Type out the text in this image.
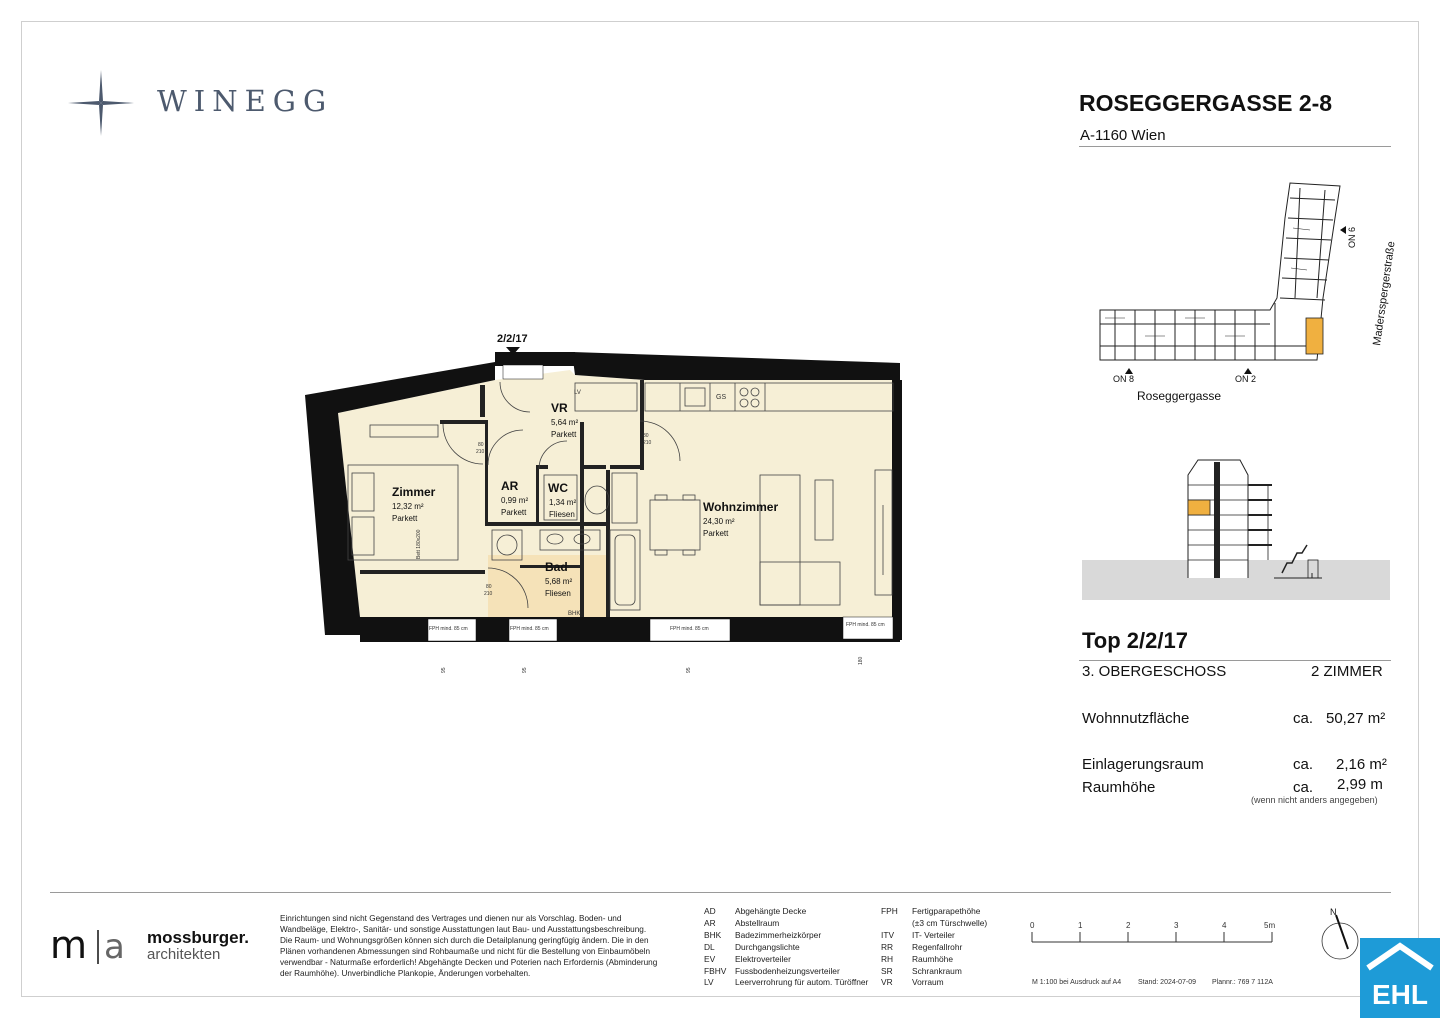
WINEGG	ROSEGGERGASSE 2-8
A-1160 Wien
ON 8	ON 2
ON 6
Roseggergasse
Madersspergerstraße
Top 2/2/17
3. OBERGESCHOSS	2 ZIMMER
Wohnnutzfläche	ca. 50,27 m²
Einlagerungsraum	ca. 2,16 m²
Raumhöhe	ca. 2,99 m
(wenn nicht anders angegeben)
Zimmer
12,32 m²
Parkett
VR
5,64 m²
Parkett
AR
0,99 m²
Parkett
WC
1,34 m²
Fliesen
Bad
5,68 m²
Fliesen
Wohnzimmer
24,30 m²
Parkett
2/2/17
Bett 180x200
GS
BHK
LV
FPH mind. 85 cm	FPH mind. 85 cm	FPH mind. 85 cm
FPH mind. 85 cm
80
210
80
210
80
210
95	95	95
180
m a mossburger.
architekten
Einrichtungen sind nicht Gegenstand des Vertrages und dienen nur als Vorschlag. Boden- und Wandbeläge, Elektro-, Sanitär- und sonstige Ausstattungen laut Bau- und Ausstattungsbeschreibung. Die Raum- und Wohnungsgrößen können sich durch die Detailplanung geringfügig ändern. Die in den Plänen vorhandenen Abmessungen sind Rohbaumaße und nicht für die Bestellung von Einbaumöbeln verwendbar - Naturmaße erforderlich! Abgehängte Decken und Poterien nach Erfordernis (Abminderung der Raumhöhe). Unverbindliche Plankopie, Änderungen vorbehalten.
AD	Abgehängte Decke
AR	Abstellraum
BHK	Badezimmerheizkörper
DL	Durchgangslichte
EV	Elektroverteiler
FBHV	Fussbodenheizungsverteiler
LV	Leerverrohrung für autom. Türöffner
FPH	Fertigparapethöhe
(±3 cm Türschwelle)
ITV	IT- Verteiler
RR	Regenfallrohr
RH	Raumhöhe
SR	Schrankraum
VR	Vorraum
0	1	2	3	4	5m
M 1:100 bei Ausdruck auf A4 Stand: 2024-07-09 Plannr.: 769 7 112A
N
EHL
